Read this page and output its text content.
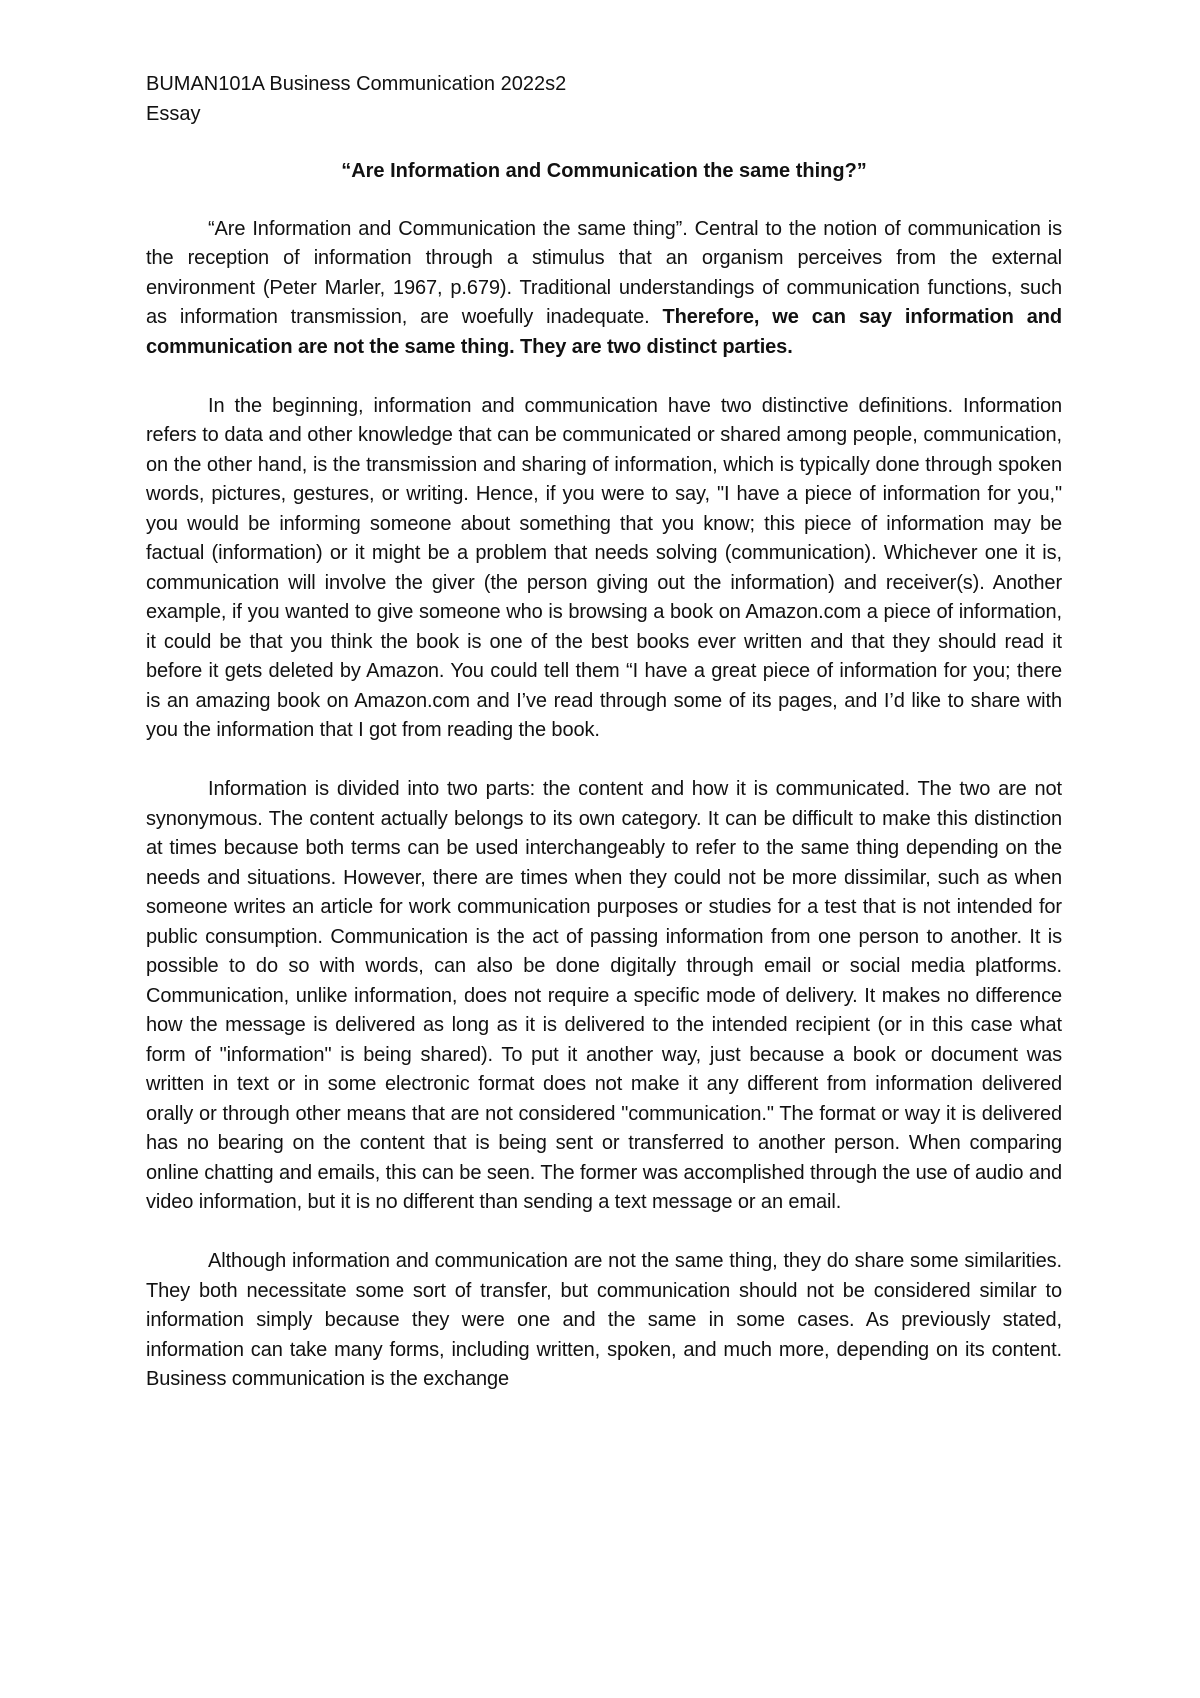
BUMAN101A Business Communication 2022s2

Essay

“Are Information and Communication the same thing?”

“Are Information and Communication the same thing”. Central to the notion of communication is the reception of information through a stimulus that an organism perceives from the external environment (Peter Marler, 1967, p.679). Traditional understandings of communication functions, such as information transmission, are woefully inadequate. Therefore, we can say information and communication are not the same thing. They are two distinct parties.

In the beginning, information and communication have two distinctive definitions. Information refers to data and other knowledge that can be communicated or shared among people, communication, on the other hand, is the transmission and sharing of information, which is typically done through spoken words, pictures, gestures, or writing. Hence, if you were to say, "I have a piece of information for you," you would be informing someone about something that you know; this piece of information may be factual (information) or it might be a problem that needs solving (communication). Whichever one it is, communication will involve the giver (the person giving out the information) and receiver(s). Another example, if you wanted to give someone who is browsing a book on Amazon.com a piece of information, it could be that you think the book is one of the best books ever written and that they should read it before it gets deleted by Amazon. You could tell them “I have a great piece of information for you; there is an amazing book on Amazon.com and I’ve read through some of its pages, and I’d like to share with you the information that I got from reading the book.

Information is divided into two parts: the content and how it is communicated. The two are not synonymous. The content actually belongs to its own category. It can be difficult to make this distinction at times because both terms can be used interchangeably to refer to the same thing depending on the needs and situations. However, there are times when they could not be more dissimilar, such as when someone writes an article for work communication purposes or studies for a test that is not intended for public consumption. Communication is the act of passing information from one person to another. It is possible to do so with words, can also be done digitally through email or social media platforms. Communication, unlike information, does not require a specific mode of delivery. It makes no difference how the message is delivered as long as it is delivered to the intended recipient (or in this case what form of "information" is being shared). To put it another way, just because a book or document was written in text or in some electronic format does not make it any different from information delivered orally or through other means that are not considered "communication." The format or way it is delivered has no bearing on the content that is being sent or transferred to another person. When comparing online chatting and emails, this can be seen. The former was accomplished through the use of audio and video information, but it is no different than sending a text message or an email.

Although information and communication are not the same thing, they do share some similarities. They both necessitate some sort of transfer, but communication should not be considered similar to information simply because they were one and the same in some cases. As previously stated, information can take many forms, including written, spoken, and much more, depending on its content. Business communication is the exchange
